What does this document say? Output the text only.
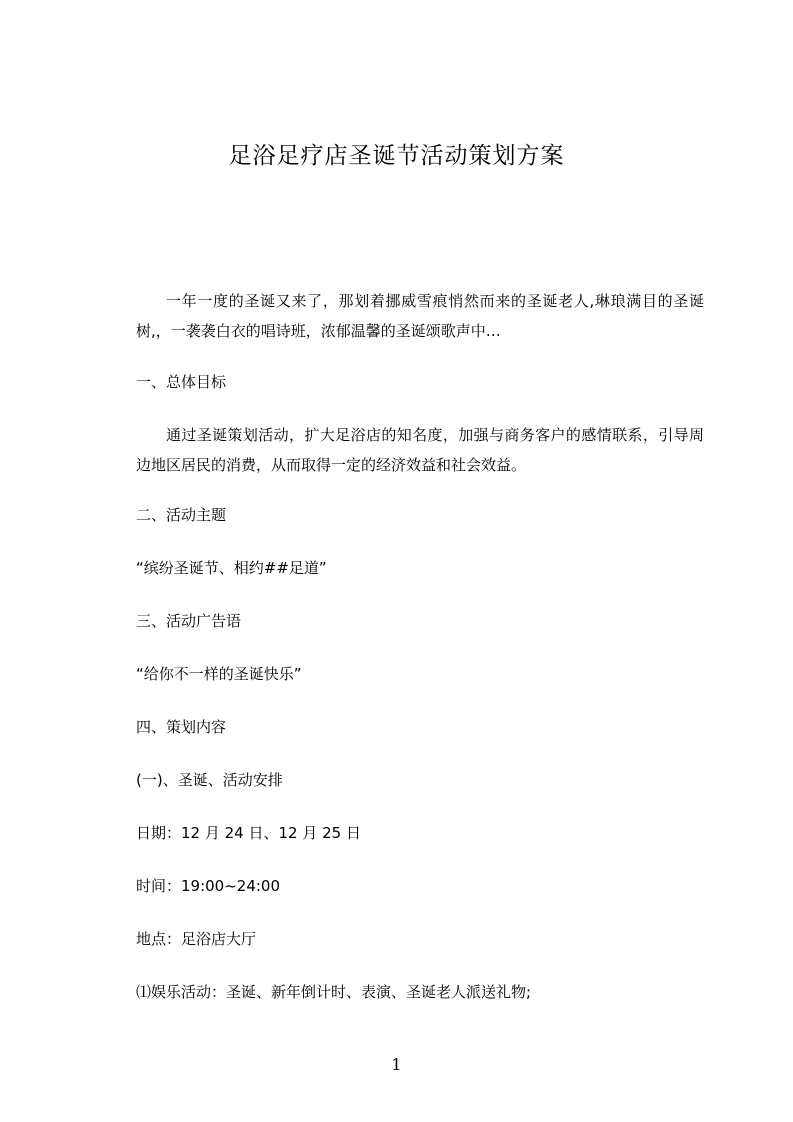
足浴足疗店圣诞节活动策划方案
一年一度的圣诞又来了，那划着挪威雪痕悄然而来的圣诞老人,琳琅满目的圣诞树,，一袭袭白衣的唱诗班，浓郁温馨的圣诞颂歌声中…
一、总体目标
通过圣诞策划活动，扩大足浴店的知名度，加强与商务客户的感情联系，引导周边地区居民的消费，从而取得一定的经济效益和社会效益。
二、活动主题
“缤纷圣诞节、相约##足道”
三、活动广告语
“给你不一样的圣诞快乐”
四、策划内容
(一)、圣诞、活动安排
日期：12 月 24 日、12 月 25 日
时间：19:00~24:00
地点：足浴店大厅
⑴娱乐活动：圣诞、新年倒计时、表演、圣诞老人派送礼物;
1
